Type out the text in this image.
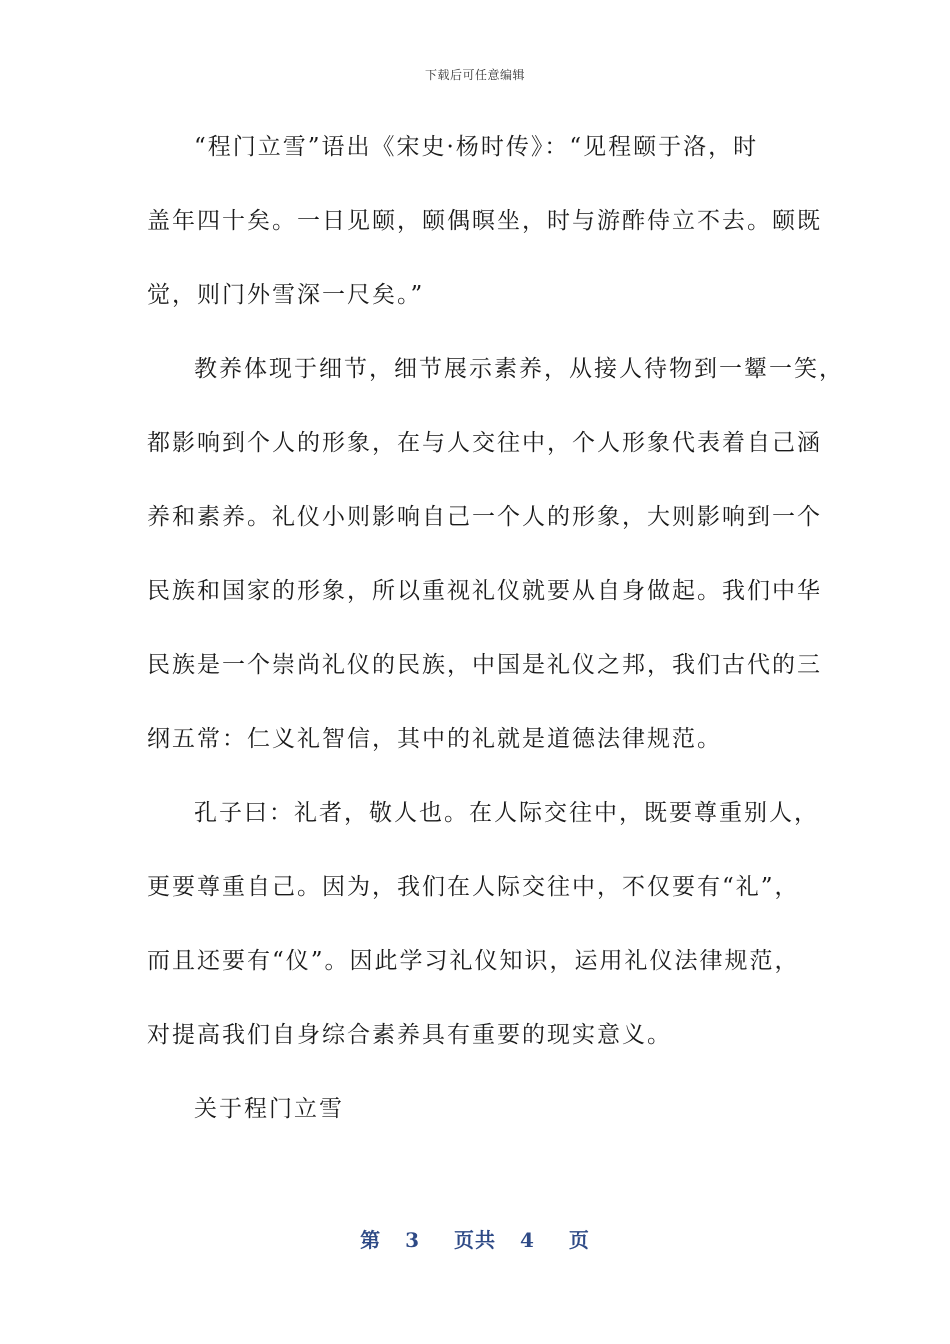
下载后可任意编辑
“程门立雪”语出《宋史·杨时传》：“见程颐于洛，时
盖年四十矣。一日见颐，颐偶暝坐，时与游酢侍立不去。颐既
觉，则门外雪深一尺矣。”
教养体现于细节，细节展示素养，从接人待物到一颦一笑，
都影响到个人的形象，在与人交往中，个人形象代表着自己涵
养和素养。礼仪小则影响自己一个人的形象，大则影响到一个
民族和国家的形象，所以重视礼仪就要从自身做起。我们中华
民族是一个崇尚礼仪的民族，中国是礼仪之邦，我们古代的三
纲五常：仁义礼智信，其中的礼就是道德法律规范。
孔子曰：礼者，敬人也。在人际交往中，既要尊重别人，
更要尊重自己。因为，我们在人际交往中，不仅要有“礼”，
而且还要有“仪”。因此学习礼仪知识，运用礼仪法律规范，
对提高我们自身综合素养具有重要的现实意义。
关于程门立雪
第 3 页共 4 页
